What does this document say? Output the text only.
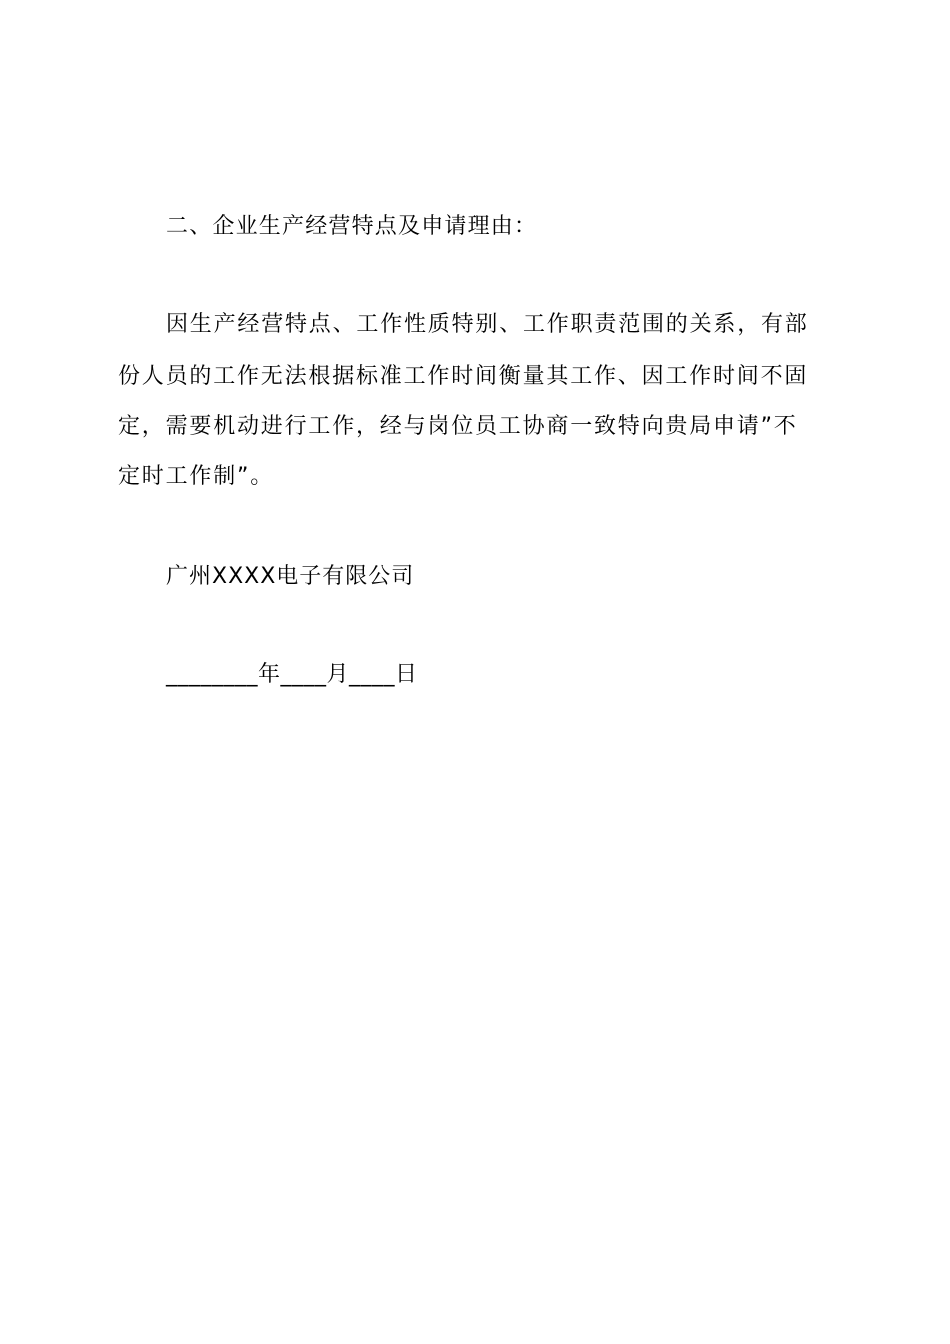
二、企业生产经营特点及申请理由：
因生产经营特点、工作性质特别、工作职责范围的关系，有部
份人员的工作无法根据标准工作时间衡量其工作、因工作时间不固
定，需要机动进行工作，经与岗位员工协商一致特向贵局申请”不
定时工作制”。
广州XXXX电子有限公司
________年____月____日
